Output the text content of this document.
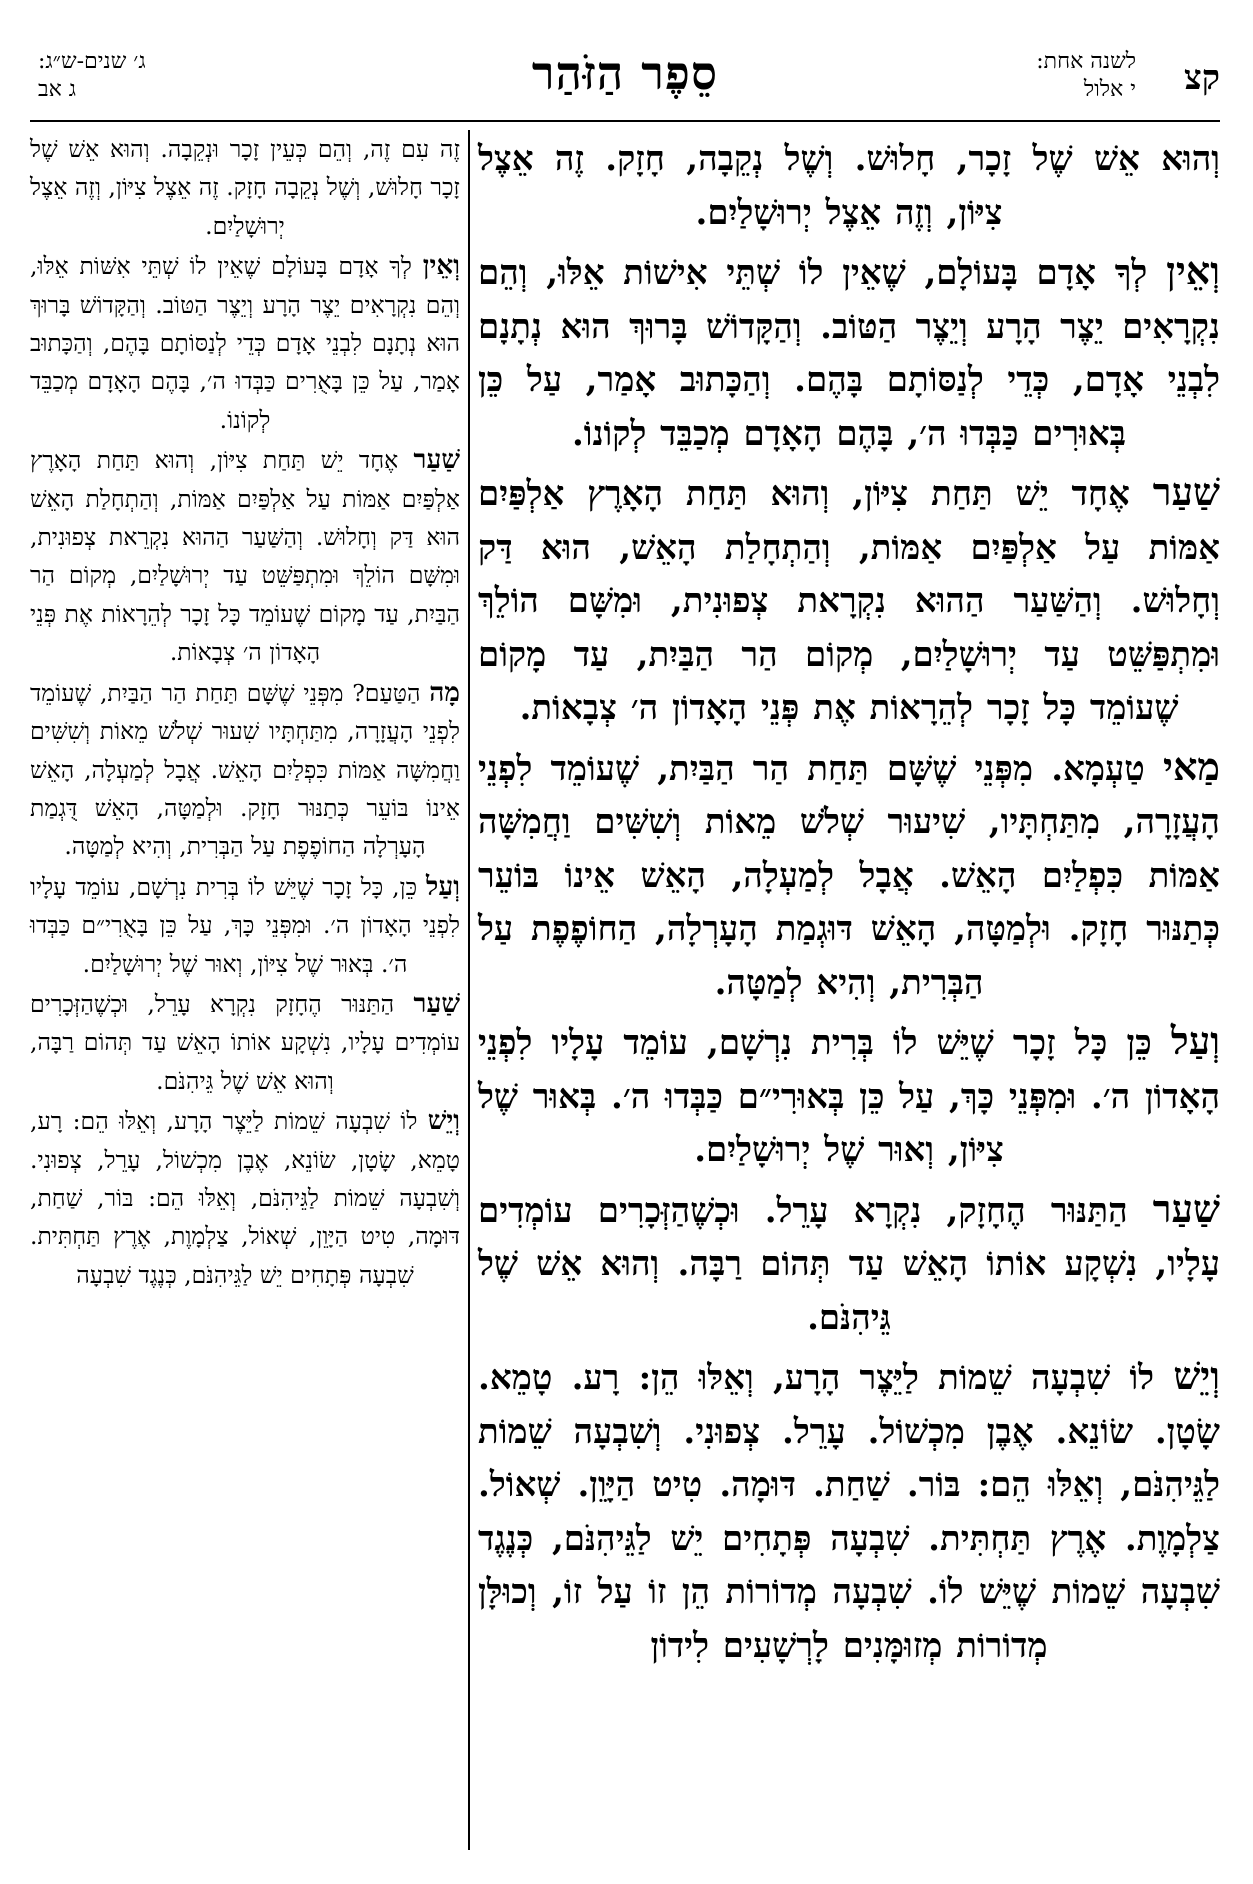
קצ
לשנה אחת:
י אלול
סֵפֶר הַזֹּהַר
ג׳ שנים-ש״ג:
ג אב

וְהוּא אֵשׁ שֶׁל זָכָר, חָלוּשׁ. וְשֶׁל נְקֵבָה, חָזָק. זֶה אֵצֶל צִיּוֹן, וְזֶה אֵצֶל יְרוּשָׁלַיִם.

וְאֵין לְךָ אָדָם בָּעוֹלָם, שֶׁאֵין לוֹ שְׁתֵּי אִישׁוֹת אֵלּוּ, וְהֵם נִקְרָאִים יֵצֶר הָרָע וְיֵצֶר הַטּוֹב. וְהַקָּדוֹשׁ בָּרוּךְ הוּא נְתָנָם לִבְנֵי אָדָם, כְּדֵי לְנַסּוֹתָם בָּהֶם. וְהַכָּתוּב אָמַר, עַל כֵּן בְּאוּרִים כַּבְּדוּ ה׳, בָּהֶם הָאָדָם מְכַבֵּד לְקוֹנוֹ.

שַׁעַר אֶחָד יֵשׁ תַּחַת צִיּוֹן, וְהוּא תַּחַת הָאָרֶץ אַלְפַּיִם אַמּוֹת עַל אַלְפַּיִם אַמּוֹת, וְהַתְחָלַת הָאֵשׁ, הוּא דַּק וְחָלוּשׁ. וְהַשַּׁעַר הַהוּא נִקְרָאת צְפוּנִית, וּמִשָּׁם הוֹלֵךְ וּמִתְפַּשֵּׁט עַד יְרוּשָׁלַיִם, מְקוֹם הַר הַבַּיִת, עַד מָקוֹם שֶׁעוֹמֵד כָּל זָכָר לְהֵרָאוֹת אֶת פְּנֵי הָאָדוֹן ה׳ צְבָאוֹת.

מַאי טַעְמָא. מִפְּנֵי שֶׁשָּׁם תַּחַת הַר הַבַּיִת, שֶׁעוֹמֵד לִפְנֵי הָעֲזָרָה, מִתַּחְתָּיו, שִׁיעוּר שְׁלֹשׁ מֵאוֹת וְשִׁשִּׁים וַחֲמִשָּׁה אַמּוֹת כִּפְלַיִם הָאֵשׁ. אֲבָל לְמַעְלָה, הָאֵשׁ אֵינוֹ בּוֹעֵר כְּתַנּוּר חָזָק. וּלְמַטָּה, הָאֵשׁ דּוּגְמַת הָעָרְלָה, הַחוֹפֶפֶת עַל הַבְּרִית, וְהִיא לְמַטָּה.

וְעַל כֵּן כָּל זָכָר שֶׁיֵּשׁ לוֹ בְּרִית נִרְשָׁם, עוֹמֵד עָלָיו לִפְנֵי הָאָדוֹן ה׳. וּמִפְּנֵי כָּךְ, עַל כֵּן בְּאוּרִי״ם כַּבְּדוּ ה׳. בְּאוּר שֶׁל צִיּוֹן, וְאוּר שֶׁל יְרוּשָׁלַיִם.

שַׁעַר הַתַּנּוּר הֶחָזָק, נִקְרָא עָרֵל. וּכְשֶׁהַזְּכָרִים עוֹמְדִים עָלָיו, נִשְׁקָע אוֹתוֹ הָאֵשׁ עַד תְּהוֹם רַבָּה. וְהוּא אֵשׁ שֶׁל גֵּיהִנֹּם.

וְיֵשׁ לוֹ שִׁבְעָה שֵׁמוֹת לַיֵּצֶר הָרָע, וְאֵלּוּ הֵן: רָע. טָמֵא. שָׂטָן. שׂוֹנֵא. אֶבֶן מִכְשׁוֹל. עָרֵל. צְפוּנִי. וְשִׁבְעָה שֵׁמוֹת לַגֵּיהִנֹּם, וְאֵלּוּ הֵם: בּוֹר. שַׁחַת. דּוּמָה. טִיט הַיָּוֵן. שְׁאוֹל. צַלְמָוֶת. אֶרֶץ תַּחְתִּית. שִׁבְעָה פְּתָחִים יֵשׁ לַגֵּיהִנֹּם, כְּנֶגֶד שִׁבְעָה שֵׁמוֹת שֶׁיֵּשׁ לוֹ. שִׁבְעָה מְדוֹרוֹת הֵן זוֹ עַל זוֹ, וְכוּלָּן מְדוֹרוֹת מְזוּמָּנִים לָרְשָׁעִים לִידוֹן

זֶה עִם זֶה, וְהֵם כְּעֵין זָכָר וּנְקֵבָה. וְהוּא אֵשׁ שֶׁל זָכָר חָלוּשׁ, וְשֶׁל נְקֵבָה חָזָק. זֶה אֵצֶל צִיּוֹן, וְזֶה אֵצֶל יְרוּשָׁלַיִם.

וְאֵין לְךָ אָדָם בָּעוֹלָם שֶׁאֵין לוֹ שְׁתֵּי אִשּׁוֹת אֵלּוּ, וְהֵם נִקְרָאִים יֵצֶר הָרָע וְיֵצֶר הַטּוֹב. וְהַקָּדוֹשׁ בָּרוּךְ הוּא נְתָנָם לִבְנֵי אָדָם כְּדֵי לְנַסּוֹתָם בָּהֶם, וְהַכָּתוּב אָמַר, עַל כֵּן בָּאֻרִים כַּבְּדוּ ה׳, בָּהֶם הָאָדָם מְכַבֵּד לְקוֹנוֹ.

שַׁעַר אֶחָד יֵשׁ תַּחַת צִיּוֹן, וְהוּא תַּחַת הָאָרֶץ אַלְפַּיִם אַמּוֹת עַל אַלְפַּיִם אַמּוֹת, וְהַתְחָלַת הָאֵשׁ הוּא דַּק וְחָלוּשׁ. וְהַשַּׁעַר הַהוּא נִקְרֵאת צְפוּנִית, וּמִשָּׁם הוֹלֵךְ וּמִתְפַּשֵּׁט עַד יְרוּשָׁלַיִם, מְקוֹם הַר הַבַּיִת, עַד מָקוֹם שֶׁעוֹמֵד כָּל זָכָר לְהֵרָאוֹת אֶת פְּנֵי הָאָדוֹן ה׳ צְבָאוֹת.

מָה הַטַּעַם? מִפְּנֵי שֶׁשָּׁם תַּחַת הַר הַבַּיִת, שֶׁעוֹמֵד לִפְנֵי הָעֲזָרָה, מִתַּחְתָּיו שִׁעוּר שְׁלֹשׁ מֵאוֹת וְשִׁשִּׁים וַחֲמִשָּׁה אַמּוֹת כִּפְלַיִם הָאֵשׁ. אֲבָל לְמַעְלָה, הָאֵשׁ אֵינוֹ בּוֹעֵר כְּתַנּוּר חָזָק. וּלְמַטָּה, הָאֵשׁ דֻּגְמַת הָעָרְלָה הַחוֹפֶפֶת עַל הַבְּרִית, וְהִיא לְמַטָּה.

וְעַל כֵּן, כָּל זָכָר שֶׁיֵּשׁ לוֹ בְּרִית נִרְשָׁם, עוֹמֵד עָלָיו לִפְנֵי הָאָדוֹן ה׳. וּמִפְּנֵי כָּךְ, עַל כֵּן בָּאֻרִי״ם כַּבְּדוּ ה׳. בְּאוּר שֶׁל צִיּוֹן, וְאוּר שֶׁל יְרוּשָׁלַיִם.

שַׁעַר הַתַּנּוּר הֶחָזָק נִקְרָא עָרֵל, וּכְשֶׁהַזְּכָרִים עוֹמְדִים עָלָיו, נִשְׁקָע אוֹתוֹ הָאֵשׁ עַד תְּהוֹם רַבָּה, וְהוּא אֵשׁ שֶׁל גֵּיהִנֹּם.

וְיֵשׁ לוֹ שִׁבְעָה שֵׁמוֹת לַיֵּצֶר הָרָע, וְאֵלּוּ הֵם: רָע, טָמֵא, שָׂטָן, שׂוֹנֵא, אֶבֶן מִכְשׁוֹל, עָרֵל, צְפוּנִי. וְשִׁבְעָה שֵׁמוֹת לַגֵּיהִנֹּם, וְאֵלּוּ הֵם: בּוֹר, שַׁחַת, דּוּמָה, טִיט הַיָּוֵן, שְׁאוֹל, צַלְמָוֶת, אֶרֶץ תַּחְתִּית. שִׁבְעָה פְּתָחִים יֵשׁ לַגֵּיהִנֹּם, כְּנֶגֶד שִׁבְעָה
